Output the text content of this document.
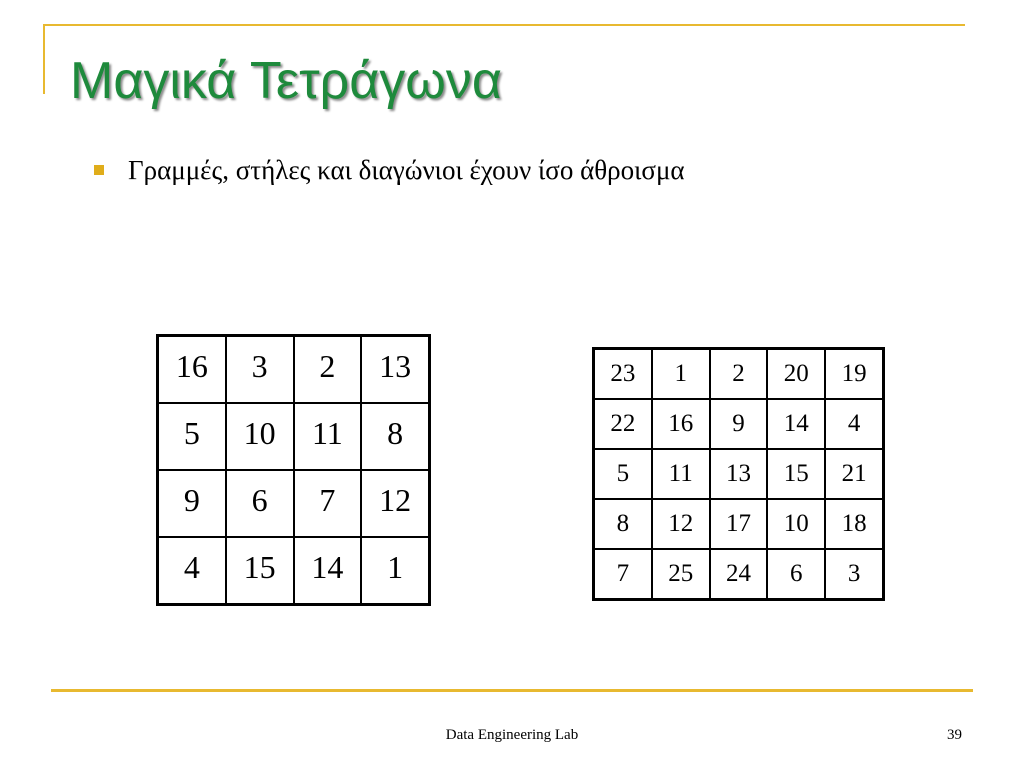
Μαγικά Τετράγωνα
Γραμμές, στήλες και διαγώνιοι έχουν ίσο άθροισμα
16	3	2	13
5	10	11	8
9	6	7	12
4	15	14	1
23	1	2	20	19
22	16	9	14	4
5	11	13	15	21
8	12	17	10	18
7	25	24	6	3
Data Engineering Lab	39
